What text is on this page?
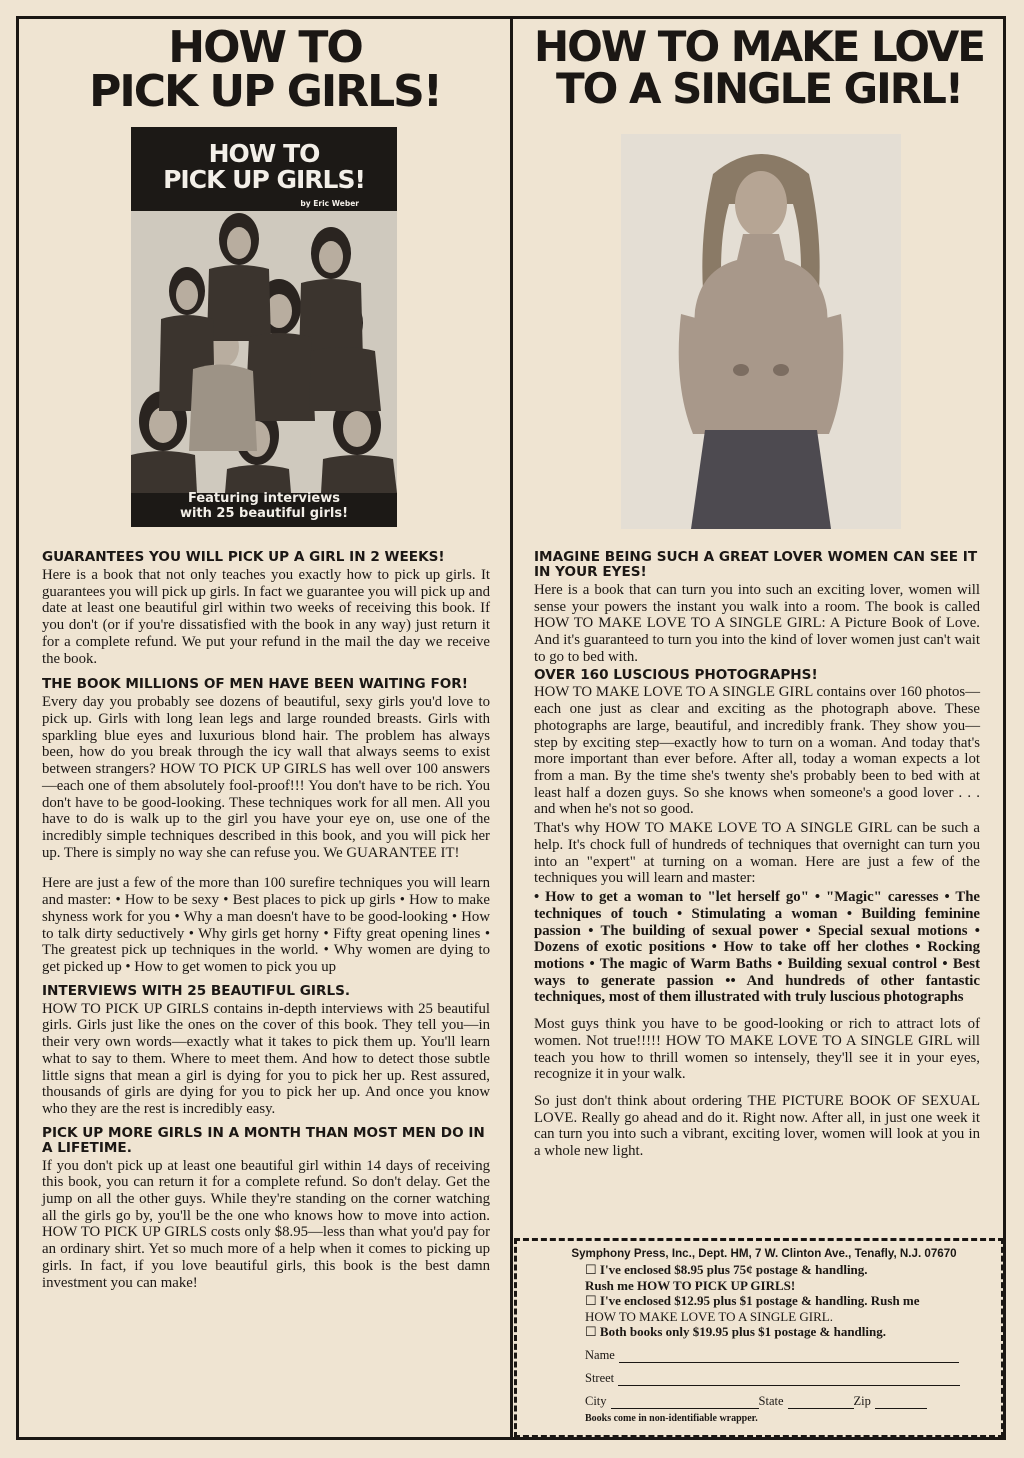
HOW TO
PICK UP GIRLS!
HOW TO
PICK UP GIRLS!
by Eric Weber
Featuring interviews
with 25 beautiful girls!
GUARANTEES YOU WILL PICK UP A GIRL IN 2 WEEKS!

Here is a book that not only teaches you exactly how to pick up girls. It guarantees you will pick up girls. In fact we guarantee you will pick up and date at least one beautiful girl within two weeks of receiving this book. If you don't (or if you're dissatisfied with the book in any way) just return it for a complete refund. We put your refund in the mail the day we receive the book.

THE BOOK MILLIONS OF MEN HAVE BEEN WAITING FOR!

Every day you probably see dozens of beautiful, sexy girls you'd love to pick up. Girls with long lean legs and large rounded breasts. Girls with sparkling blue eyes and luxurious blond hair. The problem has always been, how do you break through the icy wall that always seems to exist between strangers? HOW TO PICK UP GIRLS has well over 100 answers—each one of them absolutely fool-proof!!! You don't have to be rich. You don't have to be good-looking. These techniques work for all men. All you have to do is walk up to the girl you have your eye on, use one of the incredibly simple techniques described in this book, and you will pick her up. There is simply no way she can refuse you. We GUARANTEE IT!

Here are just a few of the more than 100 surefire techniques you will learn and master: • How to be sexy • Best places to pick up girls • How to make shyness work for you • Why a man doesn't have to be good-looking • How to talk dirty seductively • Why girls get horny • Fifty great opening lines • The greatest pick up techniques in the world. • Why women are dying to get picked up • How to get women to pick you up

INTERVIEWS WITH 25 BEAUTIFUL GIRLS.

HOW TO PICK UP GIRLS contains in-depth interviews with 25 beautiful girls. Girls just like the ones on the cover of this book. They tell you—in their very own words—exactly what it takes to pick them up. You'll learn what to say to them. Where to meet them. And how to detect those subtle little signs that mean a girl is dying for you to pick her up. Rest assured, thousands of girls are dying for you to pick her up. And once you know who they are the rest is incredibly easy.

PICK UP MORE GIRLS IN A MONTH THAN MOST MEN DO IN A LIFETIME.

If you don't pick up at least one beautiful girl within 14 days of receiving this book, you can return it for a complete refund. So don't delay. Get the jump on all the other guys. While they're standing on the corner watching all the girls go by, you'll be the one who knows how to move into action. HOW TO PICK UP GIRLS costs only $8.95—less than what you'd pay for an ordinary shirt. Yet so much more of a help when it comes to picking up girls. In fact, if you love beautiful girls, this book is the best damn investment you can make!

HOW TO MAKE LOVE
TO A SINGLE GIRL!
IMAGINE BEING SUCH A GREAT LOVER WOMEN CAN SEE IT IN YOUR EYES!

Here is a book that can turn you into such an exciting lover, women will sense your powers the instant you walk into a room. The book is called HOW TO MAKE LOVE TO A SINGLE GIRL: A Picture Book of Love. And it's guaranteed to turn you into the kind of lover women just can't wait to go to bed with.

OVER 160 LUSCIOUS PHOTOGRAPHS!

HOW TO MAKE LOVE TO A SINGLE GIRL contains over 160 photos—each one just as clear and exciting as the photograph above. These photographs are large, beautiful, and incredibly frank. They show you—step by exciting step—exactly how to turn on a woman. And today that's more important than ever before. After all, today a woman expects a lot from a man. By the time she's twenty she's probably been to bed with at least half a dozen guys. So she knows when someone's a good lover . . . and when he's not so good.

That's why HOW TO MAKE LOVE TO A SINGLE GIRL can be such a help. It's chock full of hundreds of techniques that overnight can turn you into an "expert" at turning on a woman. Here are just a few of the techniques you will learn and master:

• How to get a woman to "let herself go" • "Magic" caresses • The techniques of touch • Stimulating a woman • Building feminine passion • The building of sexual power • Special sexual motions • Dozens of exotic positions • How to take off her clothes • Rocking motions • The magic of Warm Baths • Building sexual control • Best ways to generate passion •• And hundreds of other fantastic techniques, most of them illustrated with truly luscious photographs

Most guys think you have to be good-looking or rich to attract lots of women. Not true!!!!! HOW TO MAKE LOVE TO A SINGLE GIRL will teach you how to thrill women so intensely, they'll see it in your eyes, recognize it in your walk.

So just don't think about ordering THE PICTURE BOOK OF SEXUAL LOVE. Really go ahead and do it. Right now. After all, in just one week it can turn you into such a vibrant, exciting lover, women will look at you in a whole new light.

Symphony Press, Inc., Dept. HM, 7 W. Clinton Ave., Tenafly, N.J. 07670

☐ I've enclosed $8.95 plus 75¢ postage & handling.
Rush me HOW TO PICK UP GIRLS!

☐ I've enclosed $12.95 plus $1 postage & handling. Rush me
HOW TO MAKE LOVE TO A SINGLE GIRL.

☐ Both books only $19.95 plus $1 postage & handling.

Name
Street
City	State	Zip

Books come in non-identifiable wrapper.
